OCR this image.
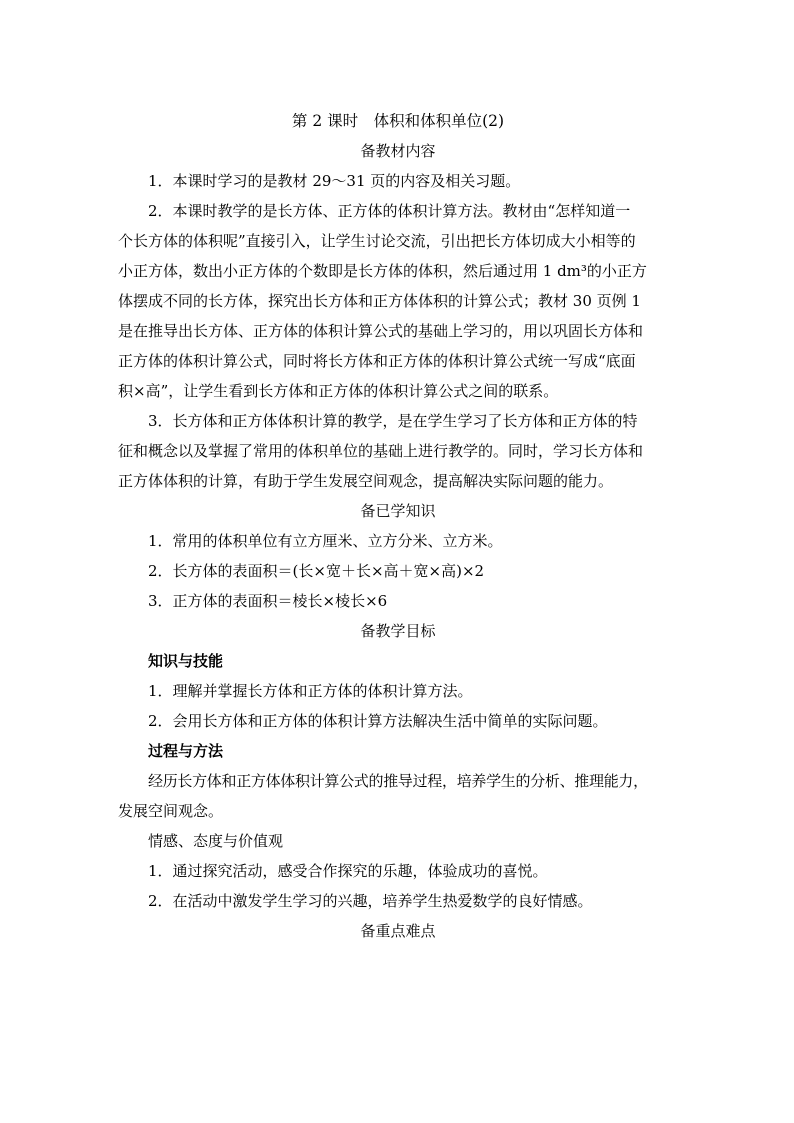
第 2 课时　体积和体积单位(2)
备教材内容
1．本课时学习的是教材 29～31 页的内容及相关习题。
2．本课时教学的是长方体、正方体的体积计算方法。教材由“怎样知道一
个长方体的体积呢”直接引入，让学生讨论交流，引出把长方体切成大小相等的
小正方体，数出小正方体的个数即是长方体的体积，然后通过用 1 dm³的小正方
体摆成不同的长方体，探究出长方体和正方体体积的计算公式；教材 30 页例 1
是在推导出长方体、正方体的体积计算公式的基础上学习的，用以巩固长方体和
正方体的体积计算公式，同时将长方体和正方体的体积计算公式统一写成“底面
积×高”，让学生看到长方体和正方体的体积计算公式之间的联系。
3．长方体和正方体体积计算的教学，是在学生学习了长方体和正方体的特
征和概念以及掌握了常用的体积单位的基础上进行教学的。同时，学习长方体和
正方体体积的计算，有助于学生发展空间观念，提高解决实际问题的能力。
备已学知识
1．常用的体积单位有立方厘米、立方分米、立方米。
2．长方体的表面积＝(长×宽＋长×高＋宽×高)×2
3．正方体的表面积＝棱长×棱长×6
备教学目标
知识与技能
1．理解并掌握长方体和正方体的体积计算方法。
2．会用长方体和正方体的体积计算方法解决生活中简单的实际问题。
过程与方法
经历长方体和正方体体积计算公式的推导过程，培养学生的分析、推理能力，
发展空间观念。
情感、态度与价值观
1．通过探究活动，感受合作探究的乐趣，体验成功的喜悦。
2．在活动中激发学生学习的兴趣，培养学生热爱数学的良好情感。
备重点难点
